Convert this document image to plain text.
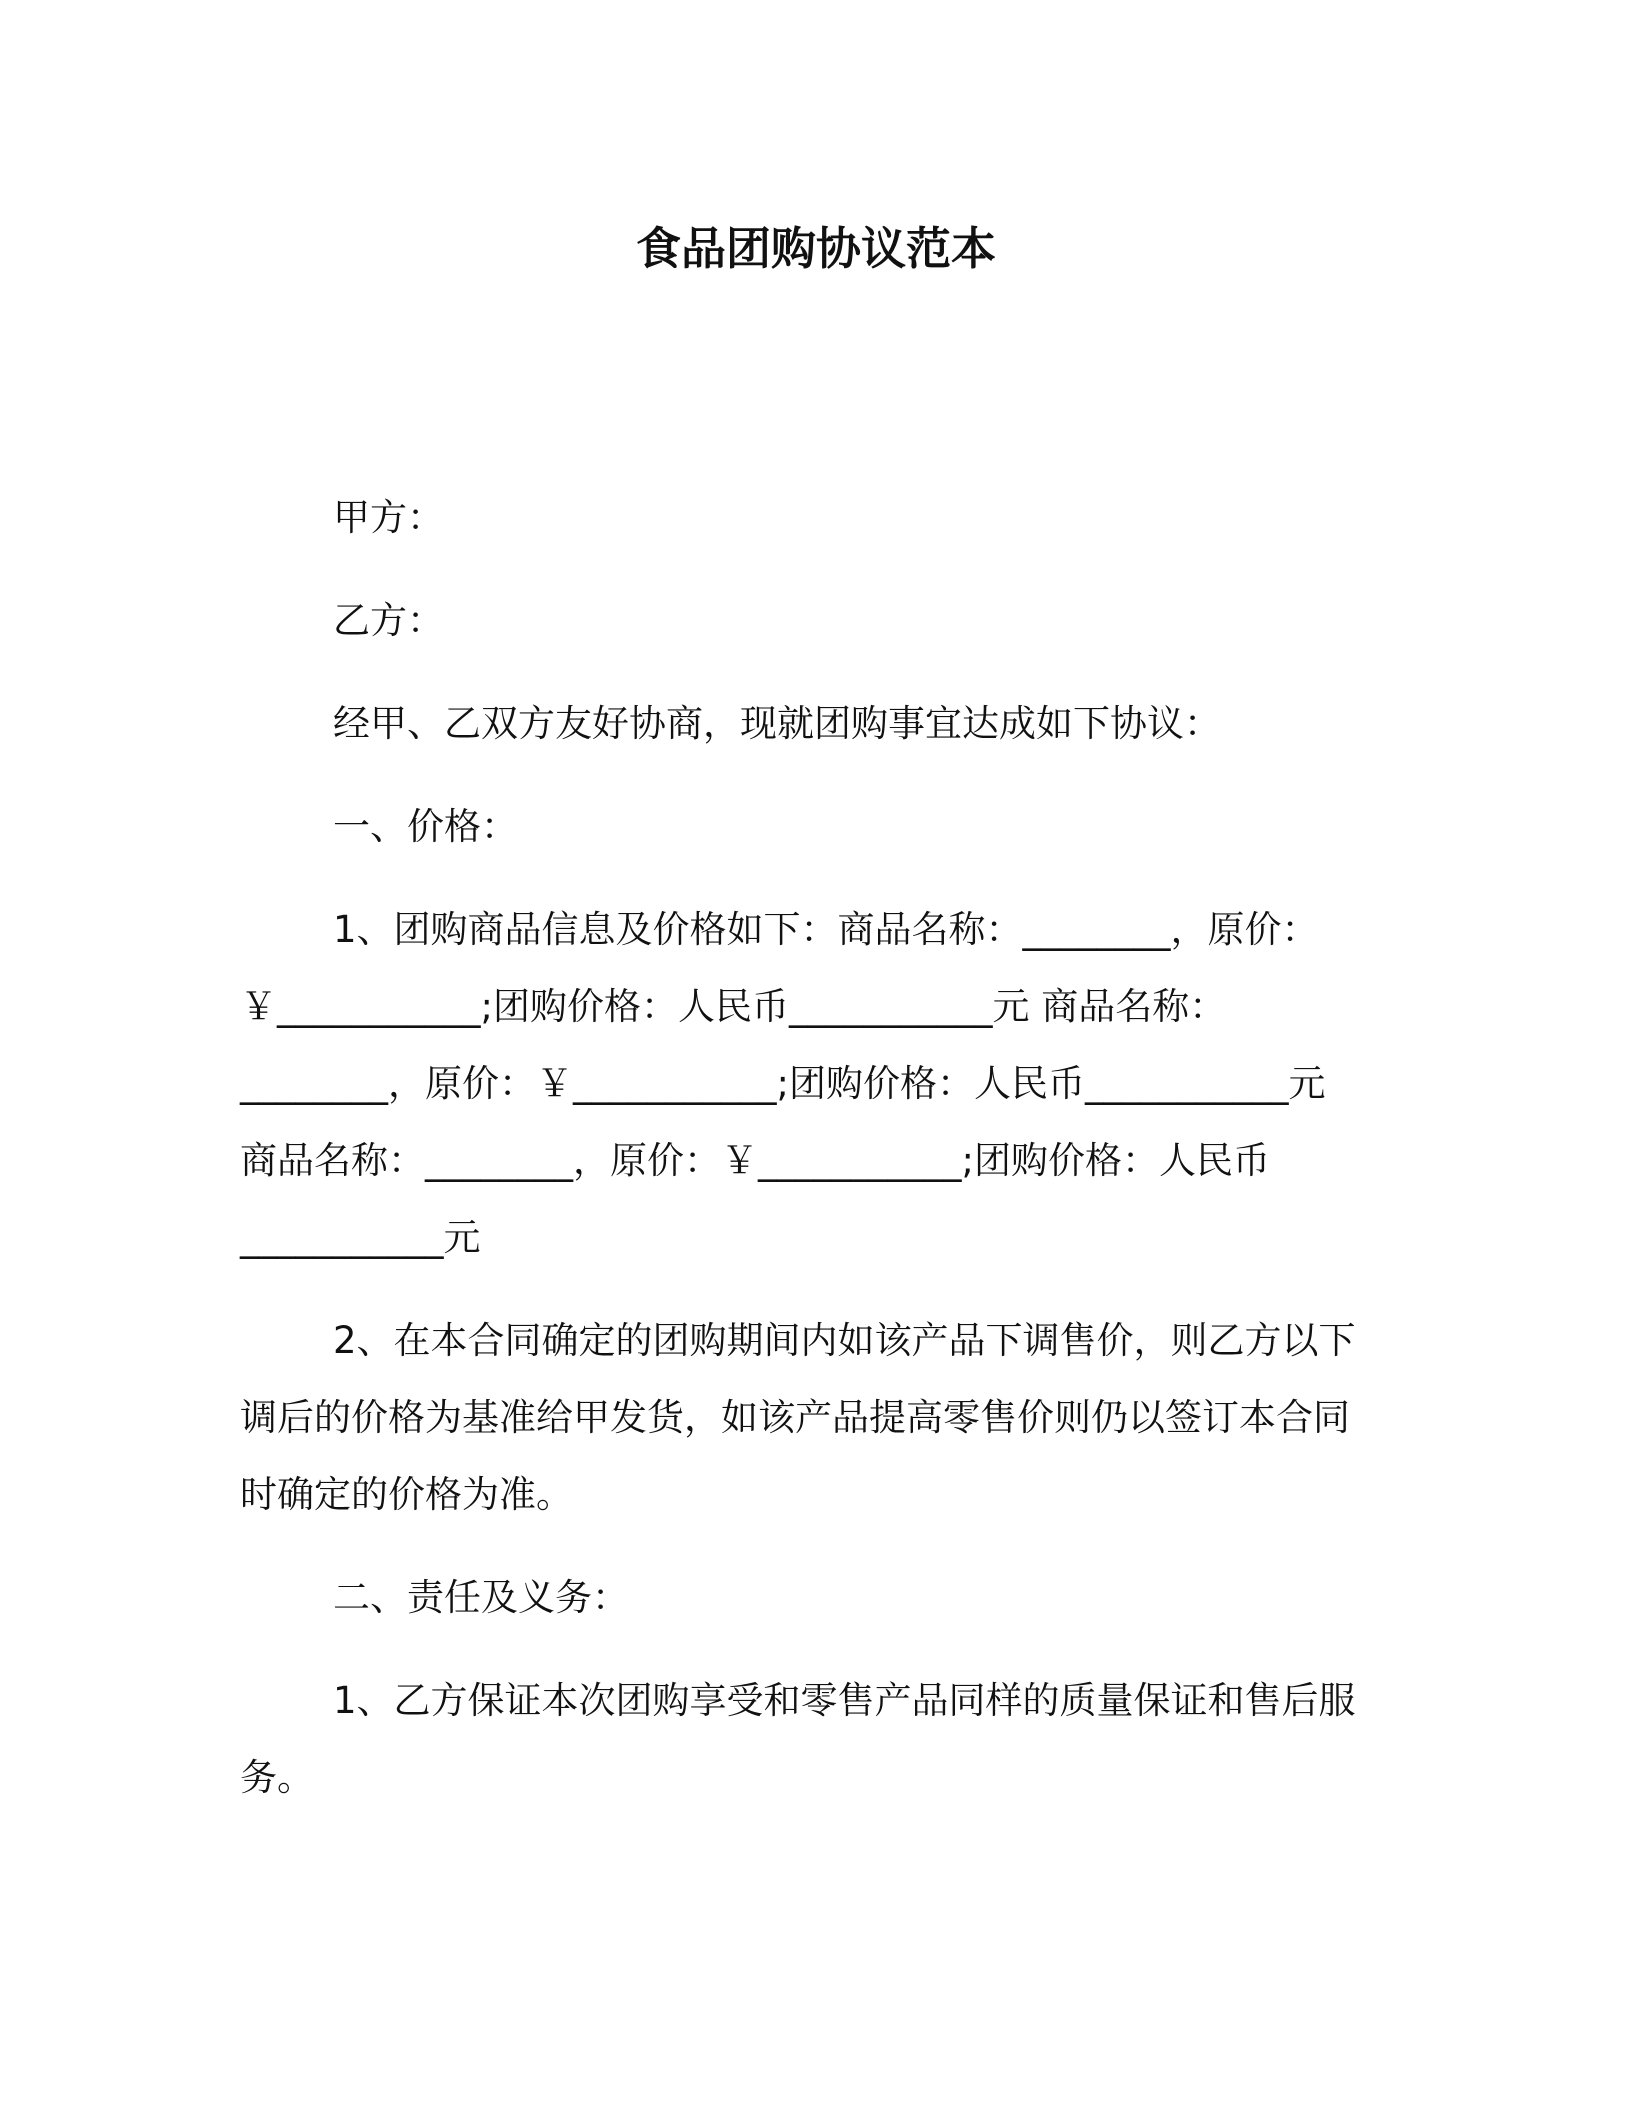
食品团购协议范本
甲方：
乙方：
经甲、乙双方友好协商，现就团购事宜达成如下协议：
一、价格：
1、团购商品信息及价格如下：商品名称：________，原价：
￥___________;团购价格：人民币___________元 商品名称：
________，原价：￥___________;团购价格：人民币___________元
商品名称：________，原价：￥___________;团购价格：人民币
___________元
2、在本合同确定的团购期间内如该产品下调售价，则乙方以下
调后的价格为基准给甲发货，如该产品提高零售价则仍以签订本合同
时确定的价格为准。
二、责任及义务：
1、乙方保证本次团购享受和零售产品同样的质量保证和售后服
务。
